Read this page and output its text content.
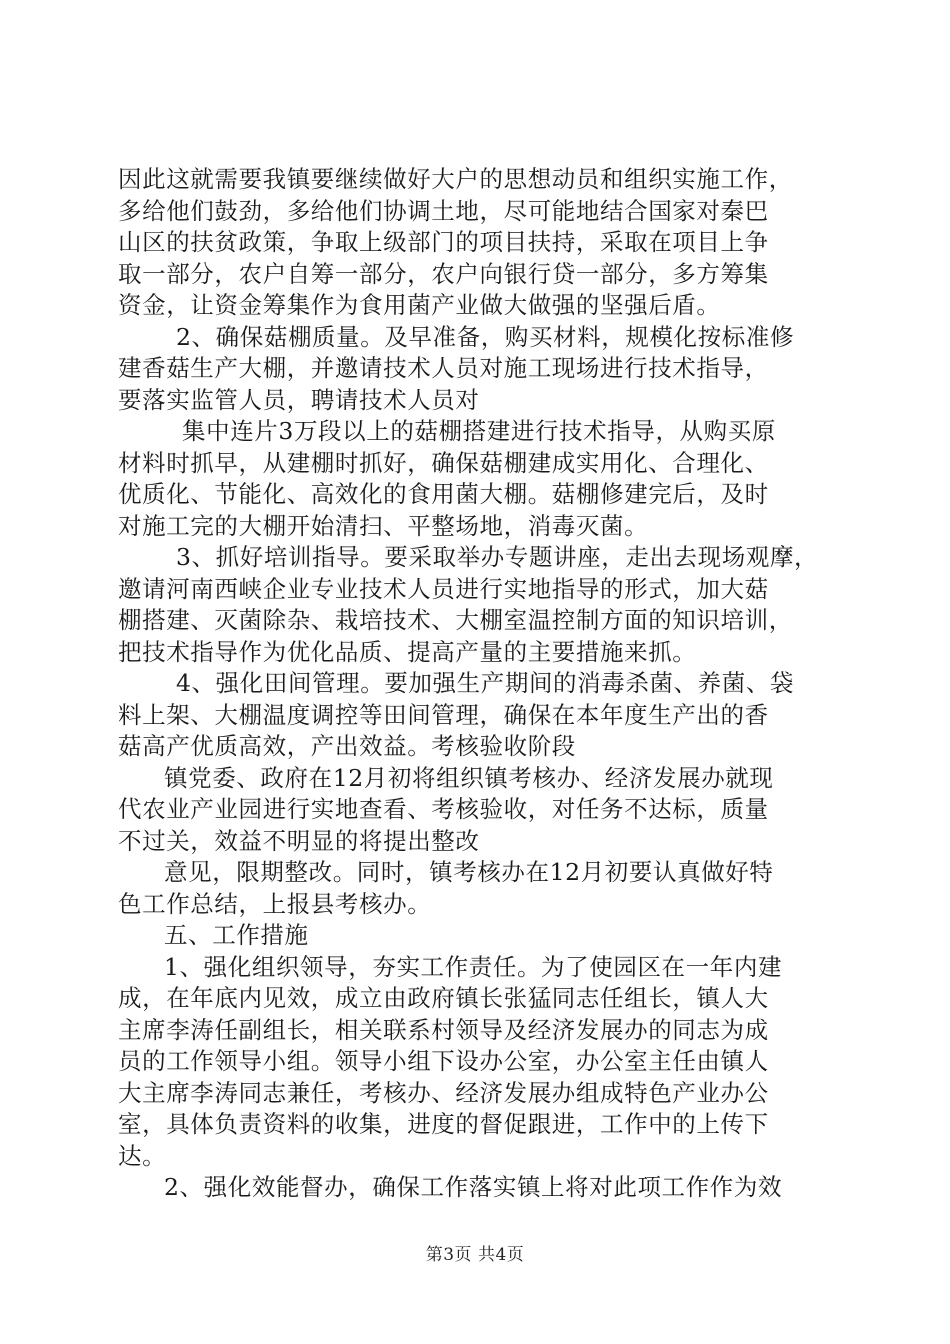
因此这就需要我镇要继续做好大户的思想动员和组织实施工作，
多给他们鼓劲，多给他们协调土地，尽可能地结合国家对秦巴
山区的扶贫政策，争取上级部门的项目扶持，采取在项目上争
取一部分，农户自筹一部分，农户向银行贷一部分，多方筹集
资金，让资金筹集作为食用菌产业做大做强的坚强后盾。
2、确保菇棚质量。及早准备，购买材料，规模化按标准修
建香菇生产大棚，并邀请技术人员对施工现场进行技术指导，
要落实监管人员，聘请技术人员对
集中连片3万段以上的菇棚搭建进行技术指导，从购买原
材料时抓早，从建棚时抓好，确保菇棚建成实用化、合理化、
优质化、节能化、高效化的食用菌大棚。菇棚修建完后，及时
对施工完的大棚开始清扫、平整场地，消毒灭菌。
3、抓好培训指导。要采取举办专题讲座，走出去现场观摩，
邀请河南西峡企业专业技术人员进行实地指导的形式，加大菇
棚搭建、灭菌除杂、栽培技术、大棚室温控制方面的知识培训，
把技术指导作为优化品质、提高产量的主要措施来抓。
4、强化田间管理。要加强生产期间的消毒杀菌、养菌、袋
料上架、大棚温度调控等田间管理，确保在本年度生产出的香
菇高产优质高效，产出效益。考核验收阶段
镇党委、政府在12月初将组织镇考核办、经济发展办就现
代农业产业园进行实地查看、考核验收，对任务不达标，质量
不过关，效益不明显的将提出整改
意见，限期整改。同时，镇考核办在12月初要认真做好特
色工作总结，上报县考核办。
五、工作措施
1、强化组织领导，夯实工作责任。为了使园区在一年内建
成，在年底内见效，成立由政府镇长张猛同志任组长，镇人大
主席李涛任副组长，相关联系村领导及经济发展办的同志为成
员的工作领导小组。领导小组下设办公室，办公室主任由镇人
大主席李涛同志兼任，考核办、经济发展办组成特色产业办公
室，具体负责资料的收集，进度的督促跟进，工作中的上传下
达。
2、强化效能督办，确保工作落实镇上将对此项工作作为效
第3页 共4页
